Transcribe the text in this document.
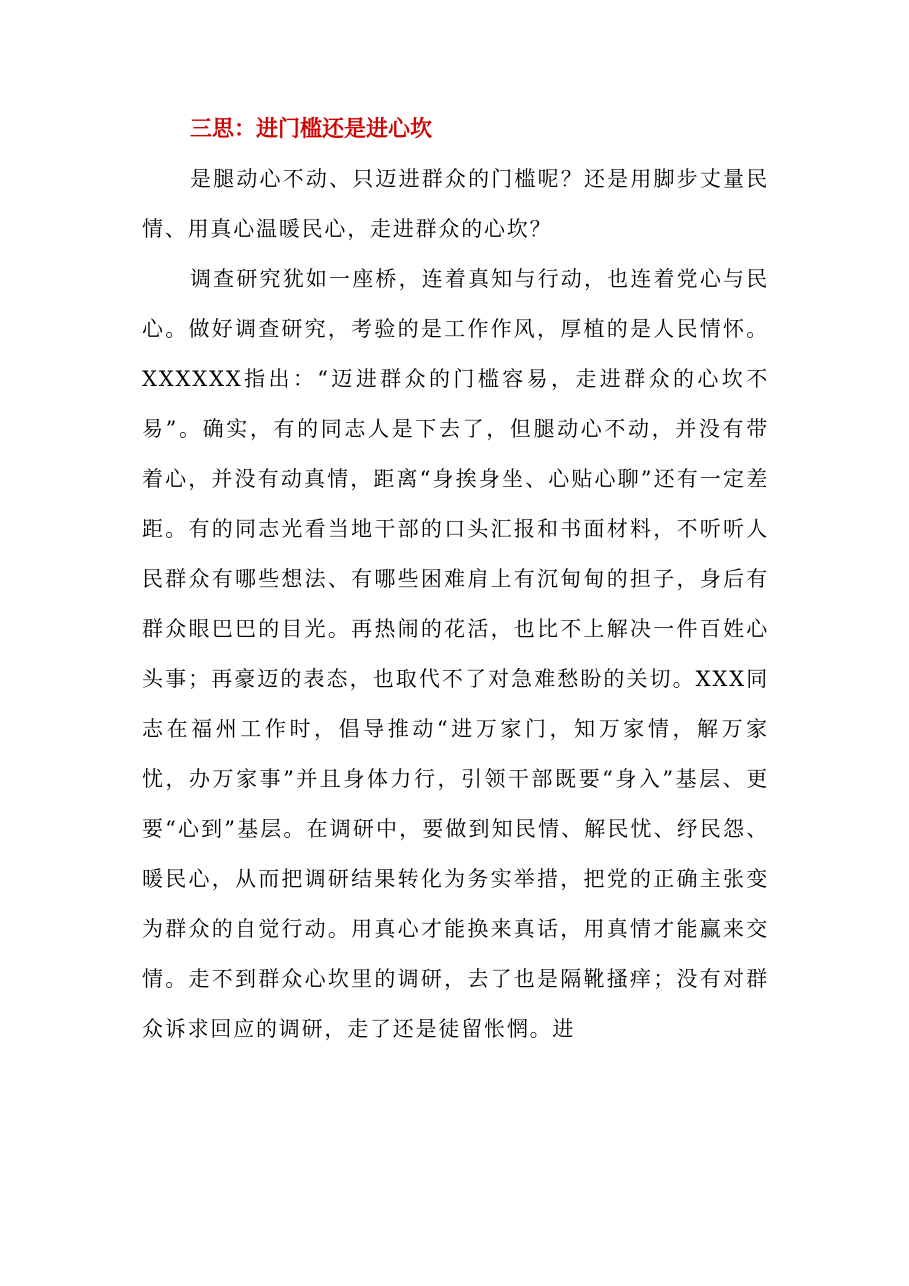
三思：进门槛还是进心坎

是腿动心不动、只迈进群众的门槛呢？还是用脚步丈量民情、用真心温暖民心，走进群众的心坎？

调查研究犹如一座桥，连着真知与行动，也连着党心与民心。做好调查研究，考验的是工作作风，厚植的是人民情怀。XXXXXX指出：“迈进群众的门槛容易，走进群众的心坎不易”。确实，有的同志人是下去了，但腿动心不动，并没有带着心，并没有动真情，距离“身挨身坐、心贴心聊”还有一定差距。有的同志光看当地干部的口头汇报和书面材料，不听听人民群众有哪些想法、有哪些困难肩上有沉甸甸的担子，身后有群众眼巴巴的目光。再热闹的花活，也比不上解决一件百姓心头事；再豪迈的表态，也取代不了对急难愁盼的关切。XXX同志在福州工作时，倡导推动“进万家门，知万家情，解万家忧，办万家事”并且身体力行，引领干部既要“身入”基层、更要“心到”基层。在调研中，要做到知民情、解民忧、纾民怨、暖民心，从而把调研结果转化为务实举措，把党的正确主张变为群众的自觉行动。用真心才能换来真话，用真情才能赢来交情。走不到群众心坎里的调研，去了也是隔靴搔痒；没有对群众诉求回应的调研，走了还是徒留怅惘。进
